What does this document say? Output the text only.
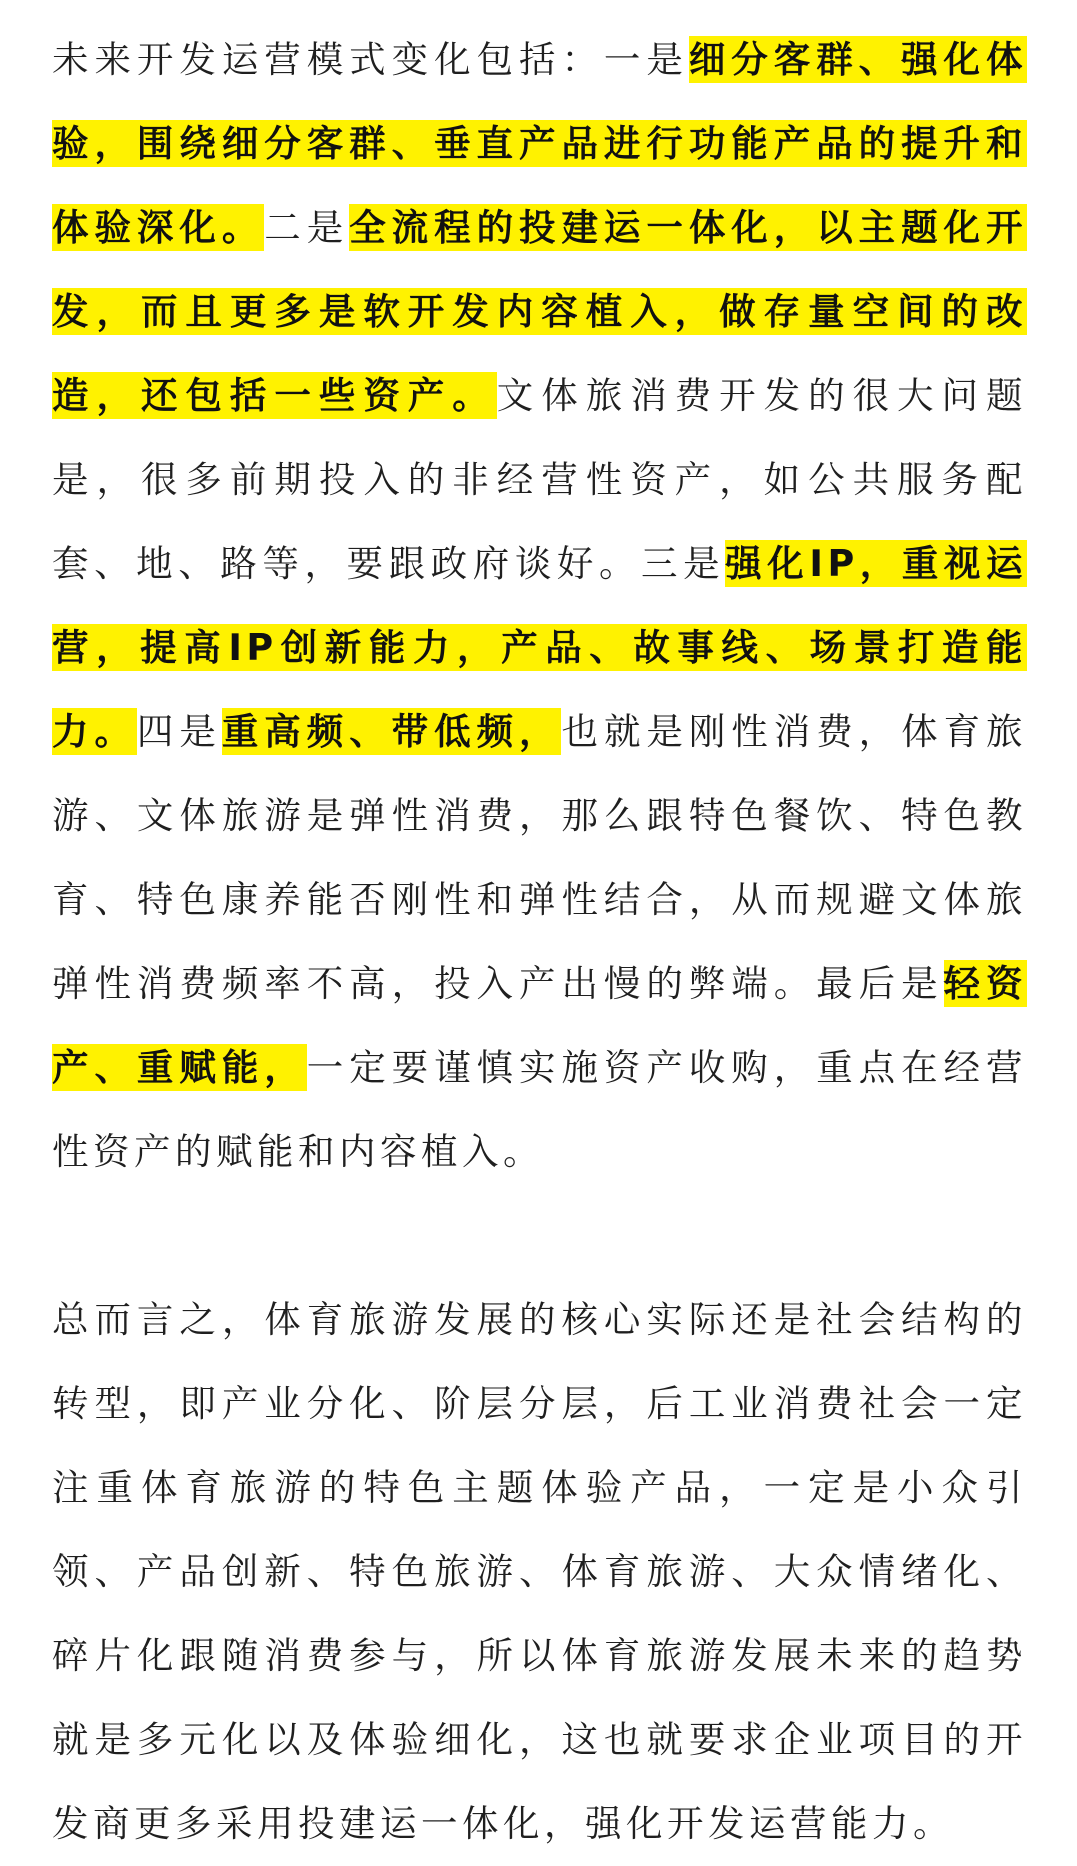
未来开发运营模式变化包括：一是细分客群、强化体验，围绕细分客群、垂直产品进行功能产品的提升和体验深化。二是全流程的投建运一体化，以主题化开发，而且更多是软开发内容植入，做存量空间的改造，还包括一些资产。文体旅消费开发的很大问题是，很多前期投入的非经营性资产，如公共服务配套、地、路等，要跟政府谈好。三是强化IP，重视运营，提高IP创新能力，产品、故事线、场景打造能力。四是重高频、带低频，也就是刚性消费，体育旅游、文体旅游是弹性消费，那么跟特色餐饮、特色教育、特色康养能否刚性和弹性结合，从而规避文体旅弹性消费频率不高，投入产出慢的弊端。最后是轻资产、重赋能，一定要谨慎实施资产收购，重点在经营性资产的赋能和内容植入。

总而言之，体育旅游发展的核心实际还是社会结构的转型，即产业分化、阶层分层，后工业消费社会一定注重体育旅游的特色主题体验产品，一定是小众引领、产品创新、特色旅游、体育旅游、大众情绪化、碎片化跟随消费参与，所以体育旅游发展未来的趋势就是多元化以及体验细化，这也就要求企业项目的开发商更多采用投建运一体化，强化开发运营能力。
